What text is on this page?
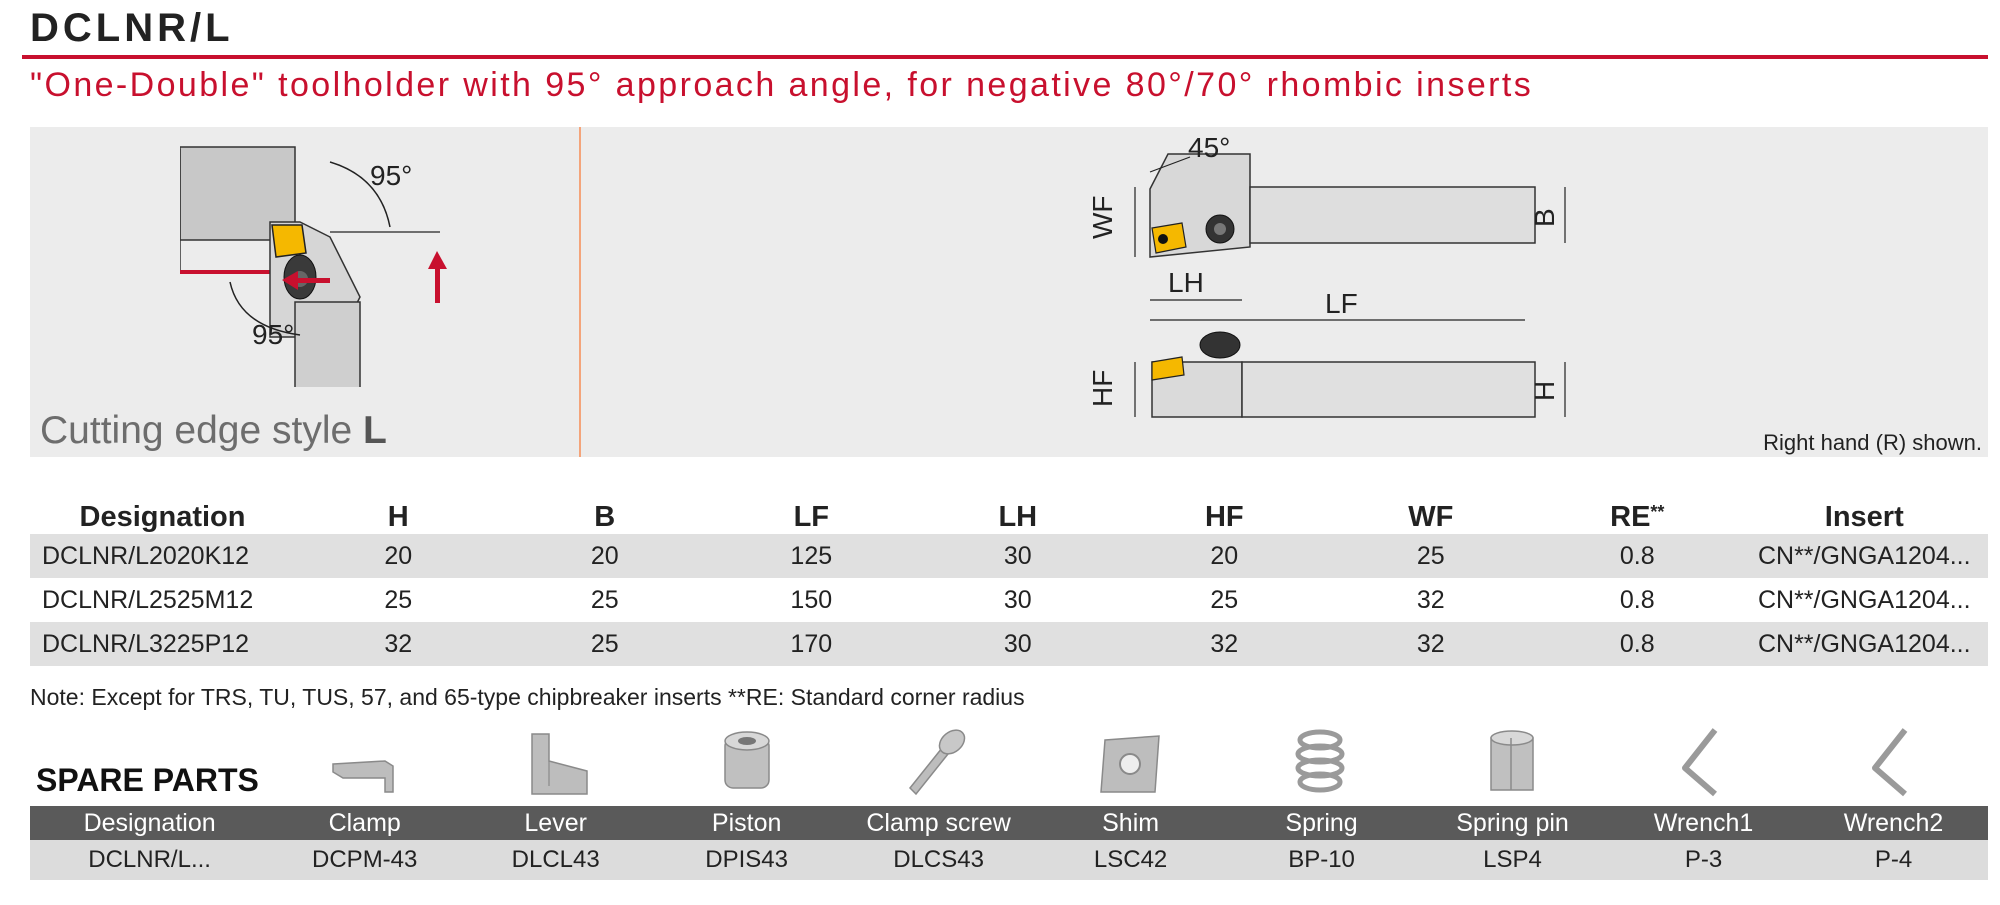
DCLNR/L
"One-Double" toolholder with 95° approach angle, for negative 80°/70° rhombic inserts
95°
95°
Cutting edge style L
45°
WF	B
LH
LF
HF	H
Right hand (R) shown.
Designation	H	B	LF	LH	HF	WF	RE**	Insert
DCLNR/L2020K12	20	20	125	30	20	25	0.8	CN**/GNGA1204...
DCLNR/L2525M12	25	25	150	30	25	32	0.8	CN**/GNGA1204...
DCLNR/L3225P12	32	25	170	30	32	32	0.8	CN**/GNGA1204...
Note: Except for TRS, TU, TUS, 57, and 65-type chipbreaker inserts **RE: Standard corner radius
SPARE PARTS
Designation	Clamp	Lever	Piston	Clamp screw	Shim	Spring	Spring pin	Wrench1	Wrench2
DCLNR/L...	DCPM-43	DLCL43	DPIS43	DLCS43	LSC42	BP-10	LSP4	P-3	P-4
